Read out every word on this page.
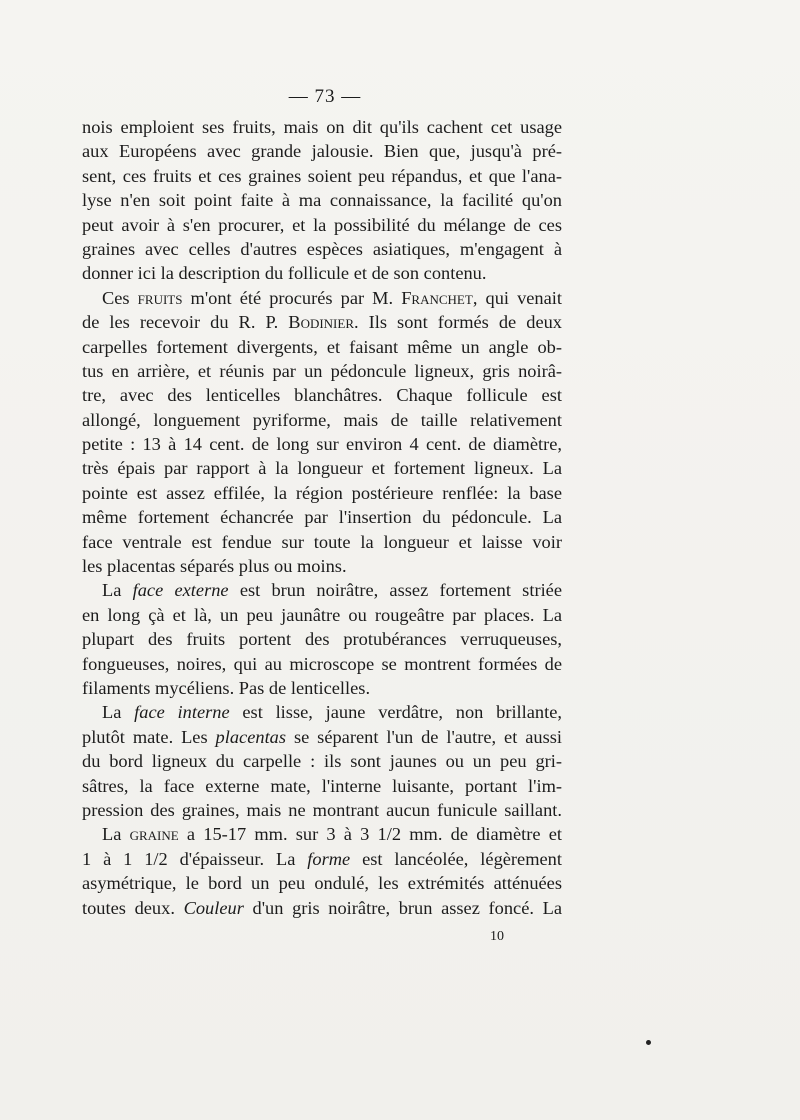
— 73 —
nois emploient ses fruits, mais on dit qu'ils cachent cet usage
aux Européens avec grande jalousie. Bien que, jusqu'à pré-
sent, ces fruits et ces graines soient peu répandus, et que l'ana-
lyse n'en soit point faite à ma connaissance, la facilité qu'on
peut avoir à s'en procurer, et la possibilité du mélange de ces
graines avec celles d'autres espèces asiatiques, m'engagent à
donner ici la description du follicule et de son contenu.
Ces fruits m'ont été procurés par M. Franchet, qui venait
de les recevoir du R. P. Bodinier. Ils sont formés de deux
carpelles fortement divergents, et faisant même un angle ob-
tus en arrière, et réunis par un pédoncule ligneux, gris noirâ-
tre, avec des lenticelles blanchâtres. Chaque follicule est
allongé, longuement pyriforme, mais de taille relativement
petite : 13 à 14 cent. de long sur environ 4 cent. de diamètre,
très épais par rapport à la longueur et fortement ligneux. La
pointe est assez effilée, la région postérieure renflée: la base
même fortement échancrée par l'insertion du pédoncule. La
face ventrale est fendue sur toute la longueur et laisse voir
les placentas séparés plus ou moins.
La face externe est brun noirâtre, assez fortement striée
en long çà et là, un peu jaunâtre ou rougeâtre par places. La
plupart des fruits portent des protubérances verruqueuses,
fongueuses, noires, qui au microscope se montrent formées de
filaments mycéliens. Pas de lenticelles.
La face interne est lisse, jaune verdâtre, non brillante,
plutôt mate. Les placentas se séparent l'un de l'autre, et aussi
du bord ligneux du carpelle : ils sont jaunes ou un peu gri-
sâtres, la face externe mate, l'interne luisante, portant l'im-
pression des graines, mais ne montrant aucun funicule saillant.
La graine a 15-17 mm. sur 3 à 3 1/2 mm. de diamètre et
1 à 1 1/2 d'épaisseur. La forme est lancéolée, légèrement
asymétrique, le bord un peu ondulé, les extrémités atténuées
toutes deux. Couleur d'un gris noirâtre, brun assez foncé. La
10
